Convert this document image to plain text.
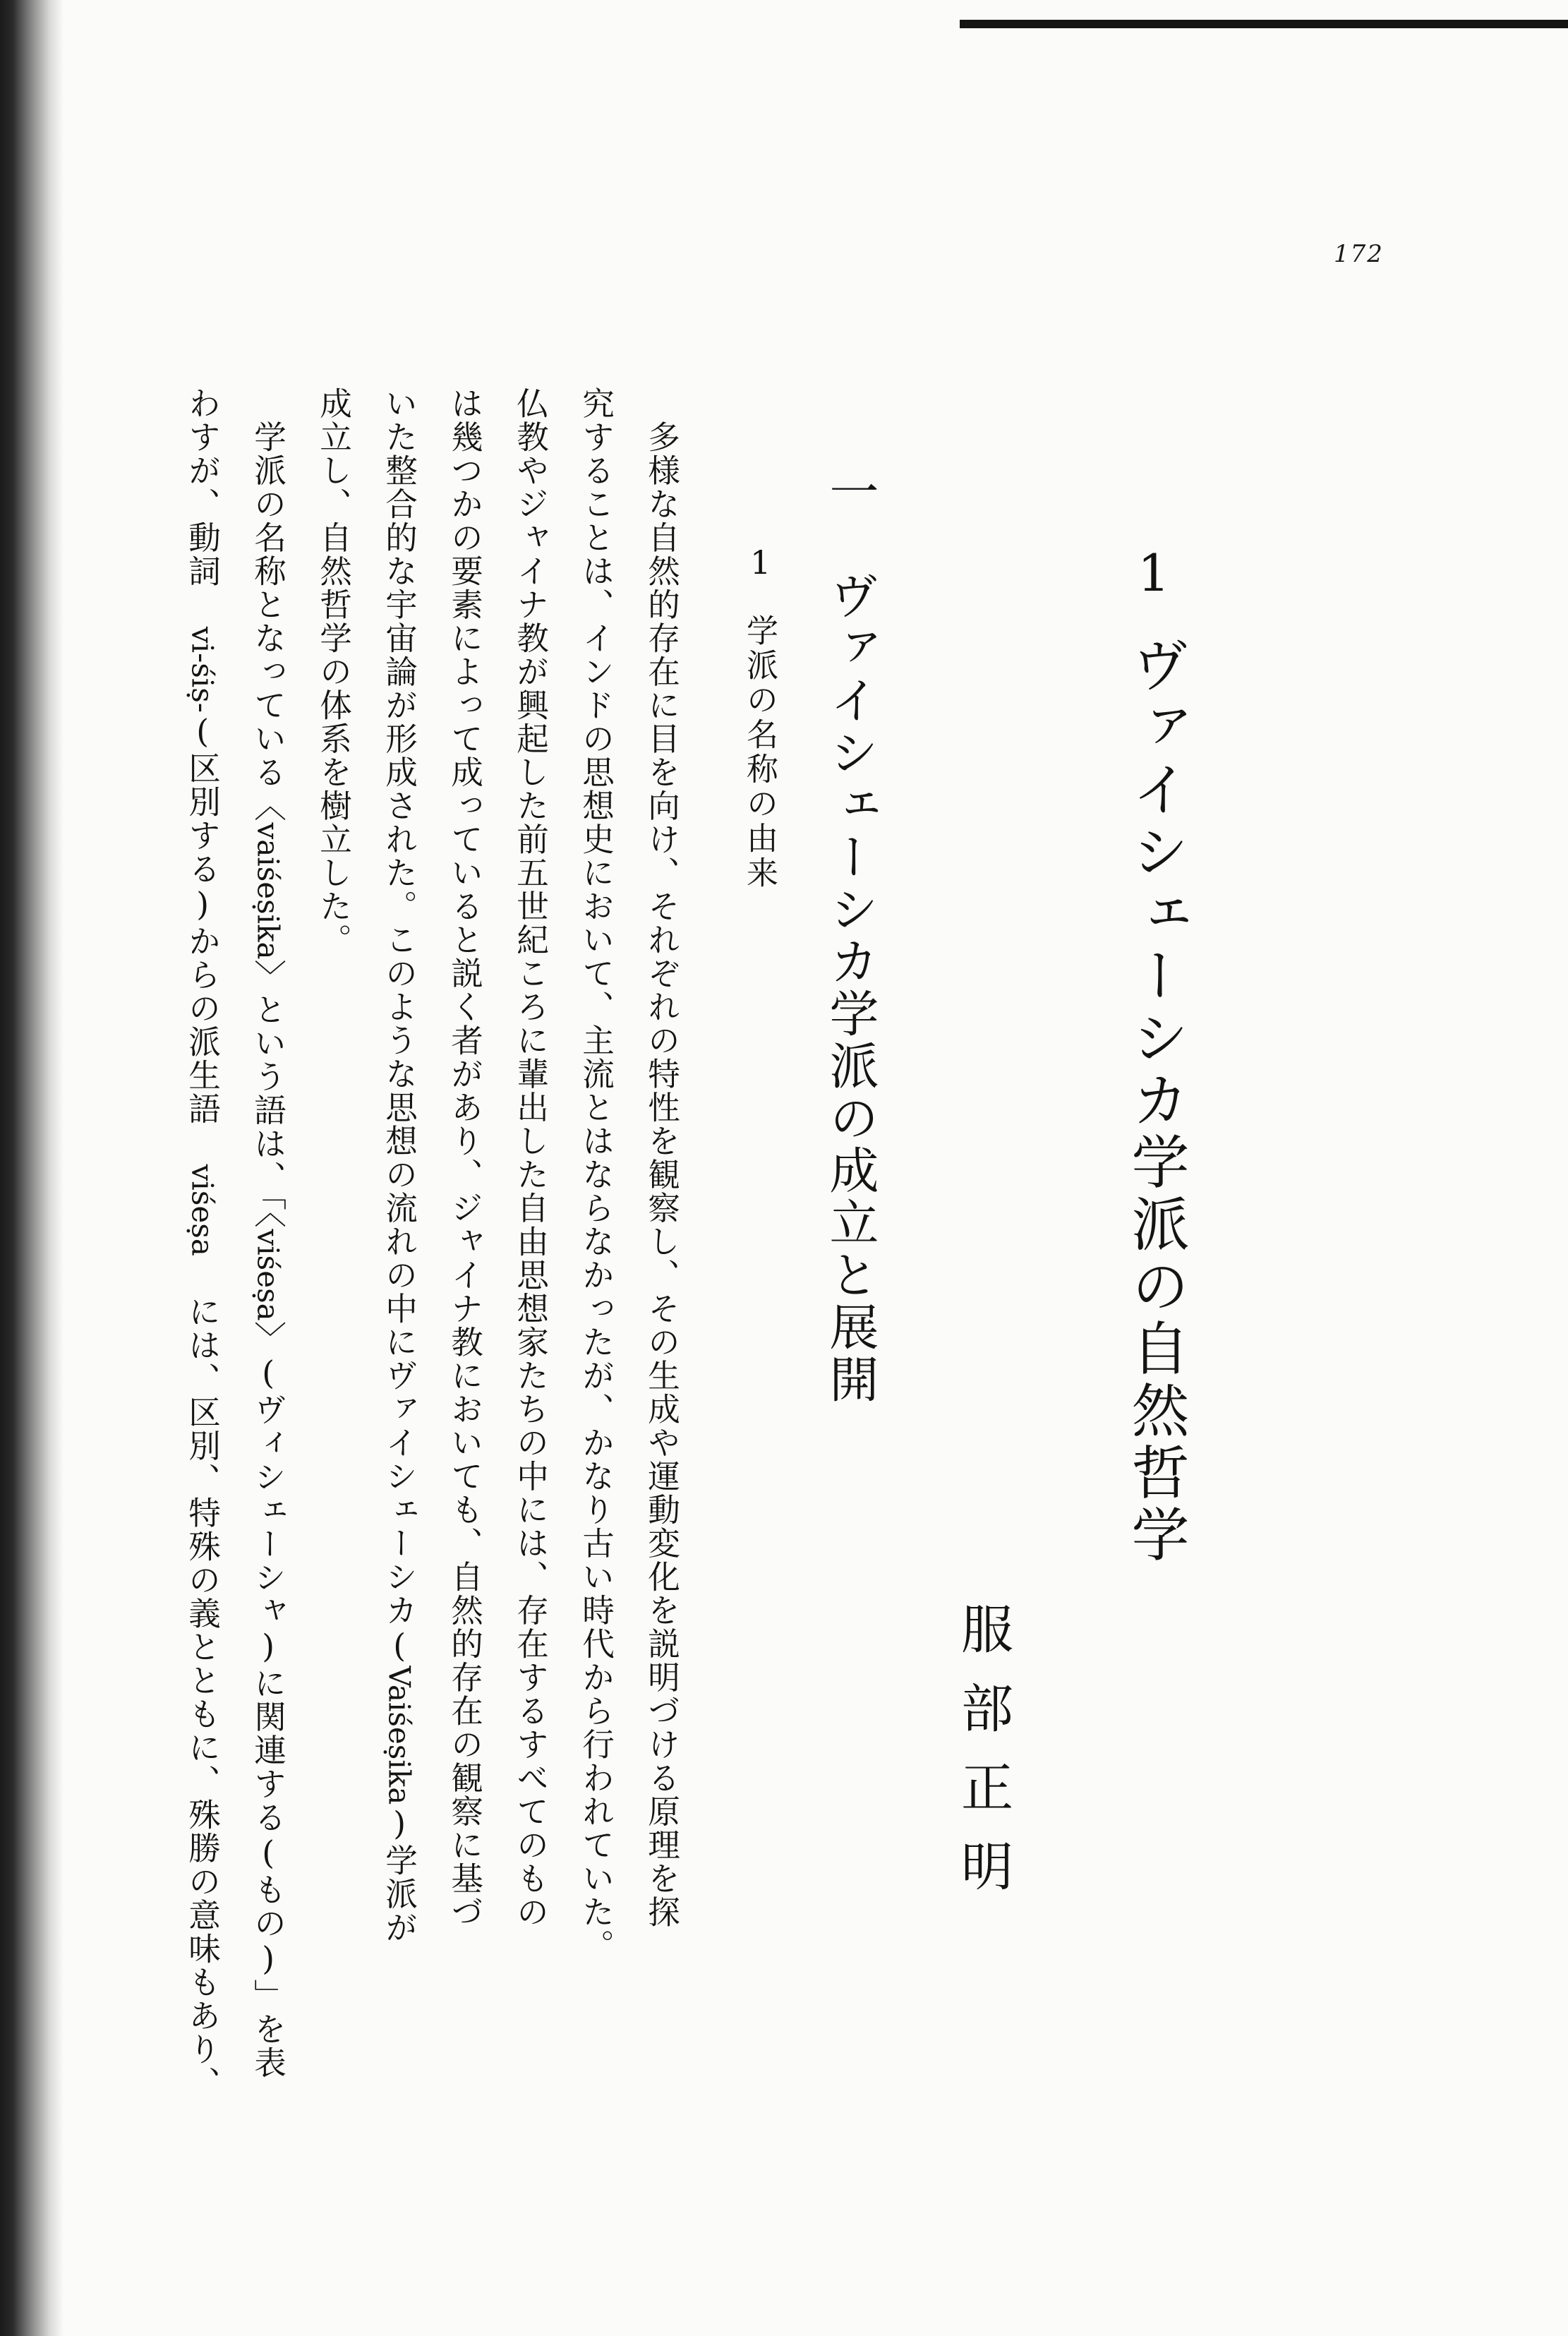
172
1
ヴァイシェーシカ学派の自然哲学
服部正明
一　ヴァイシェーシカ学派の成立と展開
1
学派の名称の由来
　多様な自然的存在に目を向け、それぞれの特性を観察し、その生成や運動変化を説明づける原理を探
究することは、インドの思想史において、主流とはならなかったが、かなり古い時代から行われていた。
仏教やジャイナ教が興起した前五世紀ころに輩出した自由思想家たちの中には、存在するすべてのもの
は幾つかの要素によって成っていると説く者があり、ジャイナ教においても、自然的存在の観察に基づ
いた整合的な宇宙論が形成された。このような思想の流れの中にヴァイシェーシカ(Vaiśeṣika)学派が
成立し、自然哲学の体系を樹立した。
　学派の名称となっている〈vaiśeṣika〉という語は、「〈viśeṣa〉(ヴィシェーシャ)に関連する(もの)」を表
わすが、動詞 vi-śiṣ-(区別する)からの派生語 viśeṣa には、区別、特殊の義とともに、殊勝の意味もあり、
